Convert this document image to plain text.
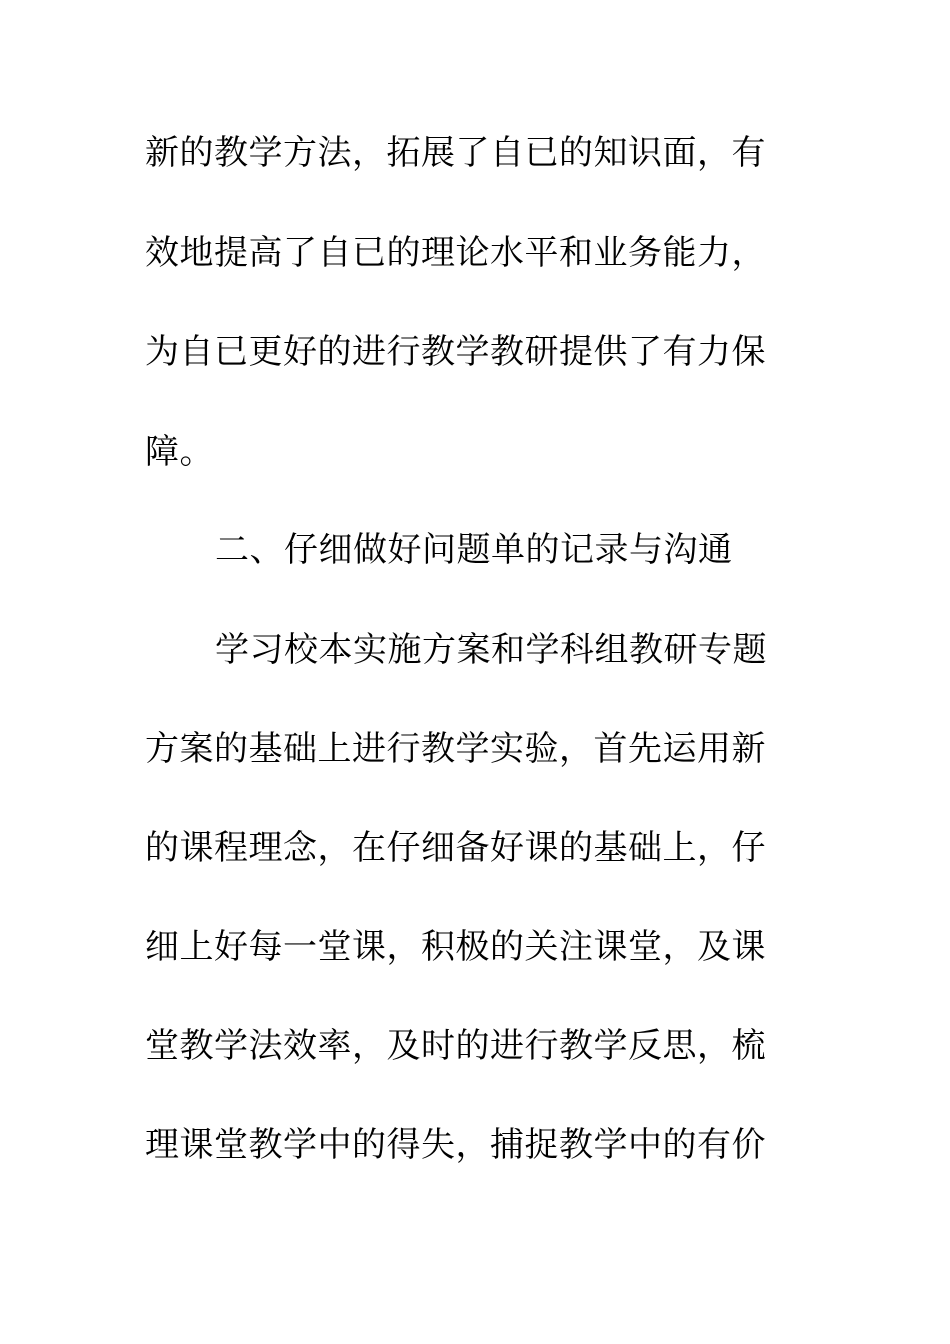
新的教学方法，拓展了自已的知识面，有
效地提高了自已的理论水平和业务能力，
为自已更好的进行教学教研提供了有力保
障。
二、仔细做好问题单的记录与沟通
学习校本实施方案和学科组教研专题
方案的基础上进行教学实验，首先运用新
的课程理念，在仔细备好课的基础上，仔
细上好每一堂课，积极的关注课堂，及课
堂教学法效率，及时的进行教学反思，梳
理课堂教学中的得失，捕捉教学中的有价
